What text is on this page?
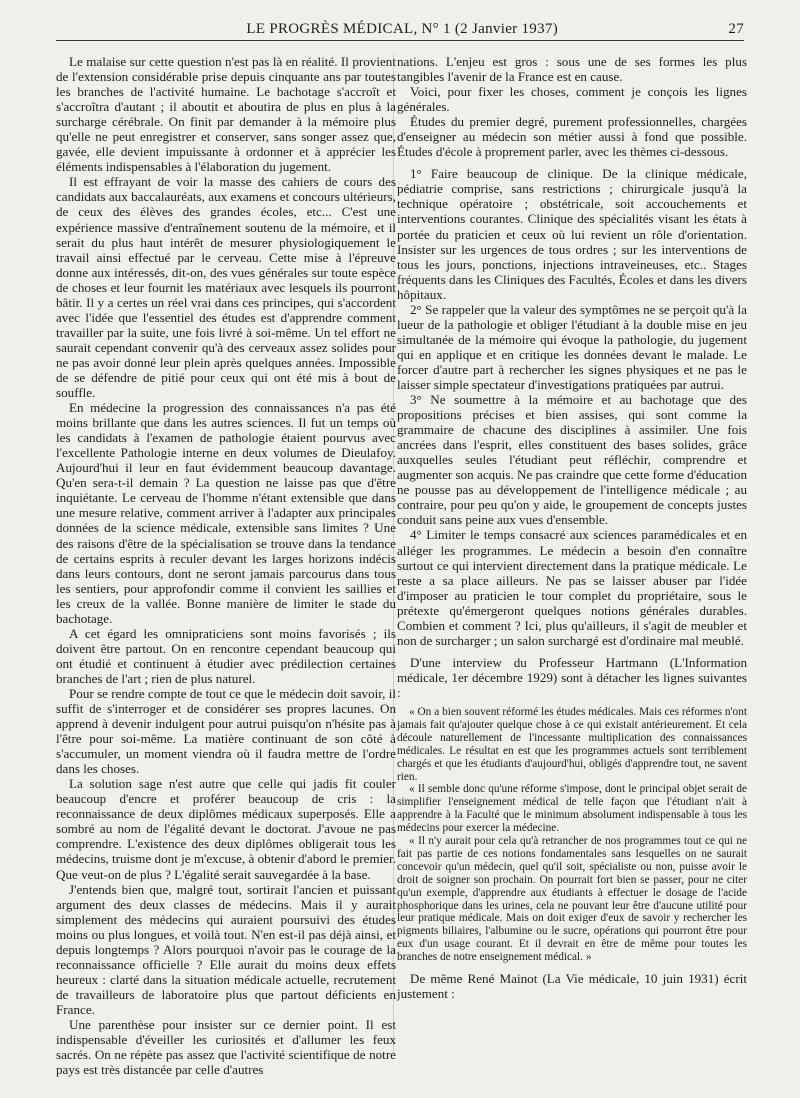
LE PROGRÈS MÉDICAL, N° 1 (2 Janvier 1937)	27

Le malaise sur cette question n'est pas là en réalité. Il provient de l'extension considérable prise depuis cinquante ans par toutes les branches de l'activité humaine. Le bachotage s'accroît et s'accroîtra d'autant ; il aboutit et aboutira de plus en plus à la surcharge cérébrale. On finit par demander à la mémoire plus qu'elle ne peut enregistrer et conserver, sans songer assez que, gavée, elle devient impuissante à ordonner et à apprécier les éléments indispensables à l'élaboration du jugement.

Il est effrayant de voir la masse des cahiers de cours des candidats aux baccalauréats, aux examens et concours ultérieurs, de ceux des élèves des grandes écoles, etc... C'est une expérience massive d'entraînement soutenu de la mémoire, et il serait du plus haut intérêt de mesurer physiologiquement le travail ainsi effectué par le cerveau. Cette mise à l'épreuve donne aux intéressés, dit-on, des vues générales sur toute espèce de choses et leur fournit les matériaux avec lesquels ils pourront bâtir. Il y a certes un réel vrai dans ces principes, qui s'accordent avec l'idée que l'essentiel des études est d'apprendre comment travailler par la suite, une fois livré à soi-même. Un tel effort ne saurait cependant convenir qu'à des cerveaux assez solides pour ne pas avoir donné leur plein après quelques années. Impossible de se défendre de pitié pour ceux qui ont été mis à bout de souffle.

En médecine la progression des connaissances n'a pas été moins brillante que dans les autres sciences. Il fut un temps où les candidats à l'examen de pathologie étaient pourvus avec l'excellente Pathologie interne en deux volumes de Dieulafoy. Aujourd'hui il leur en faut évidemment beaucoup davantage. Qu'en sera-t-il demain ? La question ne laisse pas que d'être inquiétante. Le cerveau de l'homme n'étant extensible que dans une mesure relative, comment arriver à l'adapter aux principales données de la science médicale, extensible sans limites ? Une des raisons d'être de la spécialisation se trouve dans la tendance de certains esprits à reculer devant les larges horizons indécis dans leurs contours, dont ne seront jamais parcourus dans tous les sentiers, pour approfondir comme il convient les saillies et les creux de la vallée. Bonne manière de limiter le stade du bachotage.

A cet égard les omnipraticiens sont moins favorisés ; ils doivent être partout. On en rencontre cependant beaucoup qui ont étudié et continuent à étudier avec prédilection certaines branches de l'art ; rien de plus naturel.

Pour se rendre compte de tout ce que le médecin doit savoir, il suffit de s'interroger et de considérer ses propres lacunes. On apprend à devenir indulgent pour autrui puisqu'on n'hésite pas à l'être pour soi-même. La matière continuant de son côté à s'accumuler, un moment viendra où il faudra mettre de l'ordre dans les choses.

La solution sage n'est autre que celle qui jadis fit couler beaucoup d'encre et proférer beaucoup de cris : la reconnaissance de deux diplômes médicaux superposés. Elle a sombré au nom de l'égalité devant le doctorat. J'avoue ne pas comprendre. L'existence des deux diplômes obligerait tous les médecins, truisme dont je m'excuse, à obtenir d'abord le premier. Que veut-on de plus ? L'égalité serait sauvegardée à la base.

J'entends bien que, malgré tout, sortirait l'ancien et puissant argument des deux classes de médecins. Mais il y aurait simplement des médecins qui auraient poursuivi des études moins ou plus longues, et voilà tout. N'en est-il pas déjà ainsi, et depuis longtemps ? Alors pourquoi n'avoir pas le courage de la reconnaissance officielle ? Elle aurait du moins deux effets heureux : clarté dans la situation médicale actuelle, recrutement de travailleurs de laboratoire plus que partout déficients en France.

Une parenthèse pour insister sur ce dernier point. Il est indispensable d'éveiller les curiosités et d'allumer les feux sacrés. On ne répète pas assez que l'activité scientifique de notre pays est très distancée par celle d'autres

nations. L'enjeu est gros : sous une de ses formes les plus tangibles l'avenir de la France est en cause.

Voici, pour fixer les choses, comment je conçois les lignes générales.

Études du premier degré, purement professionnelles, chargées d'enseigner au médecin son métier aussi à fond que possible. Études d'école à proprement parler, avec les thèmes ci-dessous.

1° Faire beaucoup de clinique. De la clinique médicale, pédiatrie comprise, sans restrictions ; chirurgicale jusqu'à la technique opératoire ; obstétricale, soit accouchements et interventions courantes. Clinique des spécialités visant les états à portée du praticien et ceux où lui revient un rôle d'orientation. Insister sur les urgences de tous ordres ; sur les interventions de tous les jours, ponctions, injections intraveineuses, etc.. Stages fréquents dans les Cliniques des Facultés, Écoles et dans les divers hôpitaux.

2° Se rappeler que la valeur des symptômes ne se perçoit qu'à la lueur de la pathologie et obliger l'étudiant à la double mise en jeu simultanée de la mémoire qui évoque la pathologie, du jugement qui en applique et en critique les données devant le malade. Le forcer d'autre part à rechercher les signes physiques et ne pas le laisser simple spectateur d'investigations pratiquées par autrui.

3° Ne soumettre à la mémoire et au bachotage que des propositions précises et bien assises, qui sont comme la grammaire de chacune des disciplines à assimiler. Une fois ancrées dans l'esprit, elles constituent des bases solides, grâce auxquelles seules l'étudiant peut réfléchir, comprendre et augmenter son acquis. Ne pas craindre que cette forme d'éducation ne pousse pas au développement de l'intelligence médicale ; au contraire, pour peu qu'on y aide, le groupement de concepts justes conduit sans peine aux vues d'ensemble.

4° Limiter le temps consacré aux sciences paramédicales et en alléger les programmes. Le médecin a besoin d'en connaître surtout ce qui intervient directement dans la pratique médicale. Le reste a sa place ailleurs. Ne pas se laisser abuser par l'idée d'imposer au praticien le tour complet du propriétaire, sous le prétexte qu'émergeront quelques notions générales durables. Combien et comment ? Ici, plus qu'ailleurs, il s'agit de meubler et non de surcharger ; un salon surchargé est d'ordinaire mal meublé.

D'une interview du Professeur Hartmann (L'Information médicale, 1er décembre 1929) sont à détacher les lignes suivantes :

« On a bien souvent réformé les études médicales. Mais ces réformes n'ont jamais fait qu'ajouter quelque chose à ce qui existait antérieurement. Et cela découle naturellement de l'incessante multiplication des connaissances médicales. Le résultat en est que les programmes actuels sont terriblement chargés et que les étudiants d'aujourd'hui, obligés d'apprendre tout, ne savent rien.

« Il semble donc qu'une réforme s'impose, dont le principal objet serait de simplifier l'enseignement médical de telle façon que l'étudiant n'ait à apprendre à la Faculté que le minimum absolument indispensable à tous les médecins pour exercer la médecine.

« Il n'y aurait pour cela qu'à retrancher de nos programmes tout ce qui ne fait pas partie de ces notions fondamentales sans lesquelles on ne saurait concevoir qu'un médecin, quel qu'il soit, spécialiste ou non, puisse avoir le droit de soigner son prochain. On pourrait fort bien se passer, pour ne citer qu'un exemple, d'apprendre aux étudiants à effectuer le dosage de l'acide phosphorique dans les urines, cela ne pouvant leur être d'aucune utilité pour leur pratique médicale. Mais on doit exiger d'eux de savoir y rechercher les pigments biliaires, l'albumine ou le sucre, opérations qui pourront être pour eux d'un usage courant. Et il devrait en être de même pour toutes les branches de notre enseignement médical. »

De même René Mainot (La Vie médicale, 10 juin 1931) écrit justement :
